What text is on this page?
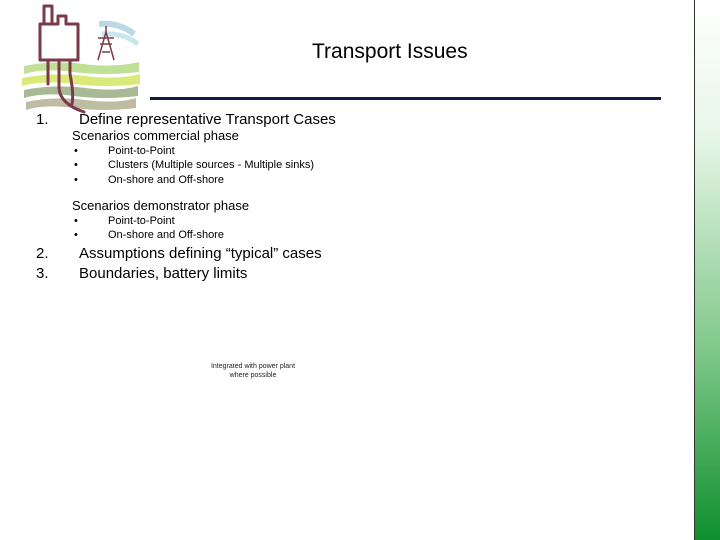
Transport Issues
1. Define representative Transport Cases
Scenarios commercial phase
•	Point-to-Point
•	Clusters (Multiple sources - Multiple sinks)
•	On-shore and Off-shore
Scenarios demonstrator phase
•	Point-to-Point
•	On-shore and Off-shore
2. Assumptions defining “typical” cases
3. Boundaries, battery limits
Integrated with power plant where possible
